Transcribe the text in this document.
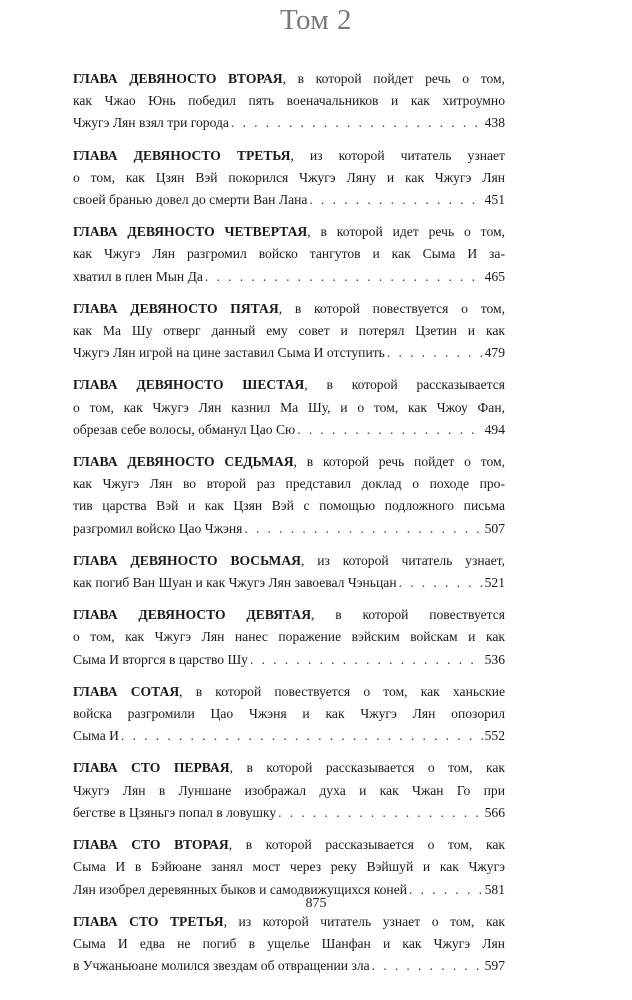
Том 2
ГЛАВА ДЕВЯНОСТО ВТОРАЯ, в которой пойдет речь о том,
как Чжао Юнь победил пять военачальников и как хитроумно
Чжугэ Лян взял три города . . .	438
ГЛАВА ДЕВЯНОСТО ТРЕТЬЯ, из которой читатель узнает
о том, как Цзян Вэй покорился Чжугэ Ляну и как Чжугэ Лян
своей бранью довел до смерти Ван Лана . . .	451
ГЛАВА ДЕВЯНОСТО ЧЕТВЕРТАЯ, в которой идет речь о том,
как Чжугэ Лян разгромил войско тангутов и как Сыма И за-
хватил в плен Мын Да . . .	465
ГЛАВА ДЕВЯНОСТО ПЯТАЯ, в которой повествуется о том,
как Ма Шу отверг данный ему совет и потерял Цзетин и как
Чжугэ Лян игрой на цине заставил Сыма И отступить . . .	479
ГЛАВА ДЕВЯНОСТО ШЕСТАЯ, в которой рассказывается
о том, как Чжугэ Лян казнил Ма Шу, и о том, как Чжоу Фан,
обрезав себе волосы, обманул Цао Сю . . .	494
ГЛАВА ДЕВЯНОСТО СЕДЬМАЯ, в которой речь пойдет о том,
как Чжугэ Лян во второй раз представил доклад о походе про-
тив царства Вэй и как Цзян Вэй с помощью подложного письма
разгромил войско Цао Чжэня . . .	507
ГЛАВА ДЕВЯНОСТО ВОСЬМАЯ, из которой читатель узнает,
как погиб Ван Шуан и как Чжугэ Лян завоевал Чэньцан . . .	521
ГЛАВА ДЕВЯНОСТО ДЕВЯТАЯ, в которой повествуется
о том, как Чжугэ Лян нанес поражение вэйским войскам и как
Сыма И вторгся в царство Шу . . .	536
ГЛАВА СОТАЯ, в которой повествуется о том, как ханьские
войска разгромили Цао Чжэня и как Чжугэ Лян опозорил
Сыма И . . .	552
ГЛАВА СТО ПЕРВАЯ, в которой рассказывается о том, как
Чжугэ Лян в Луншане изображал духа и как Чжан Го при
бегстве в Цзяньгэ попал в ловушку . . .	566
ГЛАВА СТО ВТОРАЯ, в которой рассказывается о том, как
Сыма И в Бэйюане занял мост через реку Вэйшуй и как Чжугэ
Лян изобрел деревянных быков и самодвижущихся коней . . .	581
ГЛАВА СТО ТРЕТЬЯ, из которой читатель узнает о том, как
Сыма И едва не погиб в ущелье Шанфан и как Чжугэ Лян
в Учжаньюане молился звездам об отвращении зла . . .	597
875
